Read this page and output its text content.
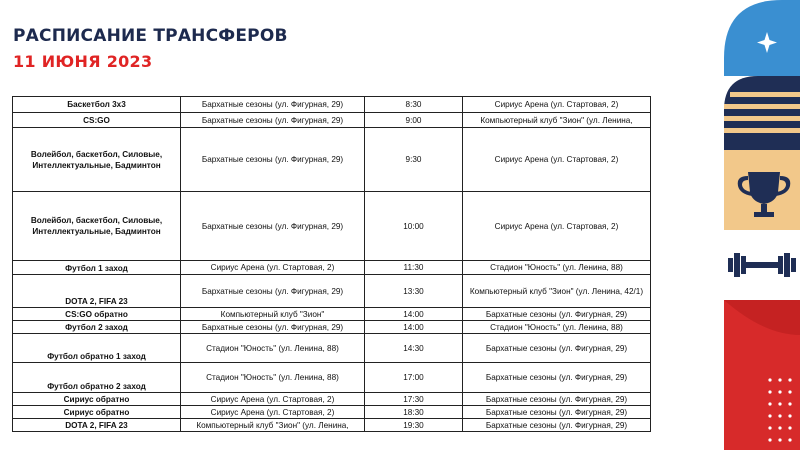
РАСПИСАНИЕ ТРАНСФЕРОВ
11 ИЮНЯ 2023
Баскетбол 3х3	Бархатные сезоны (ул. Фигурная, 29)	8:30	Сириус Арена (ул. Стартовая, 2)
CS:GO	Бархатные сезоны (ул. Фигурная, 29)	9:00	Компьютерный клуб "Зион" (ул. Ленина,
Волейбол, баскетбол, Силовые, Интеллектуальные, Бадминтон	Бархатные сезоны (ул. Фигурная, 29)	9:30	Сириус Арена (ул. Стартовая, 2)
Волейбол, баскетбол, Силовые, Интеллектуальные, Бадминтон	Бархатные сезоны (ул. Фигурная, 29)	10:00	Сириус Арена (ул. Стартовая, 2)
Футбол 1 заход	Сириус Арена (ул. Стартовая, 2)	11:30	Стадион "Юность" (ул. Ленина, 88)
DOTA 2, FIFA 23	Бархатные сезоны (ул. Фигурная, 29)	13:30	Компьютерный клуб "Зион" (ул. Ленина, 42/1)
CS:GO обратно	Компьютерный клуб "Зион"	14:00	Бархатные сезоны (ул. Фигурная, 29)
Футбол 2 заход	Бархатные сезоны (ул. Фигурная, 29)	14:00	Стадион "Юность" (ул. Ленина, 88)
Футбол обратно 1 заход	Стадион "Юность" (ул. Ленина, 88)	14:30	Бархатные сезоны (ул. Фигурная, 29)
Футбол обратно 2 заход	Стадион "Юность" (ул. Ленина, 88)	17:00	Бархатные сезоны (ул. Фигурная, 29)
Сириус обратно	Сириус Арена (ул. Стартовая, 2)	17:30	Бархатные сезоны (ул. Фигурная, 29)
Сириус обратно	Сириус Арена (ул. Стартовая, 2)	18:30	Бархатные сезоны (ул. Фигурная, 29)
DOTA 2, FIFA 23	Компьютерный клуб "Зион" (ул. Ленина,	19:30	Бархатные сезоны (ул. Фигурная, 29)
